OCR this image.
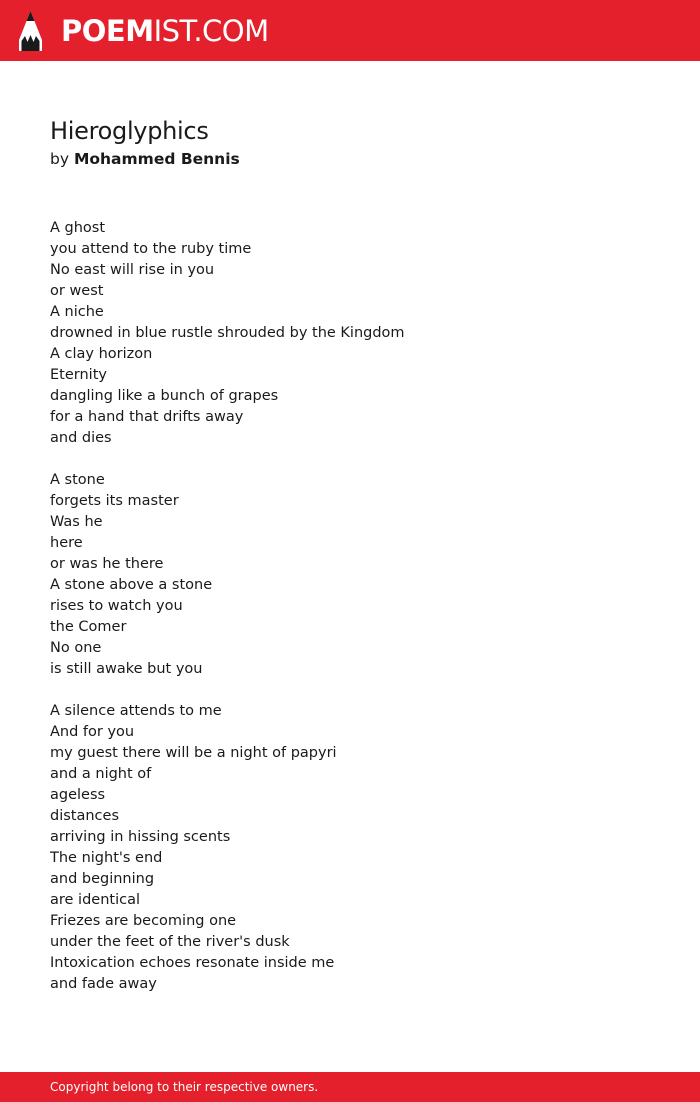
POEMIST.COM
Hieroglyphics
by Mohammed Bennis
A ghost
you attend to the ruby time
No east will rise in you
or west
A niche
drowned in blue rustle shrouded by the Kingdom
A clay horizon
Eternity
dangling like a bunch of grapes
for a hand that drifts away
and dies
A stone
forgets its master
Was he
here
or was he there
A stone above a stone
rises to watch you
the Comer
No one
is still awake but you
A silence attends to me
And for you
my guest there will be a night of papyri
and a night of
ageless
distances
arriving in hissing scents
The night's end
and beginning
are identical
Friezes are becoming one
under the feet of the river's dusk
Intoxication echoes resonate inside me
and fade away
Copyright belong to their respective owners.
